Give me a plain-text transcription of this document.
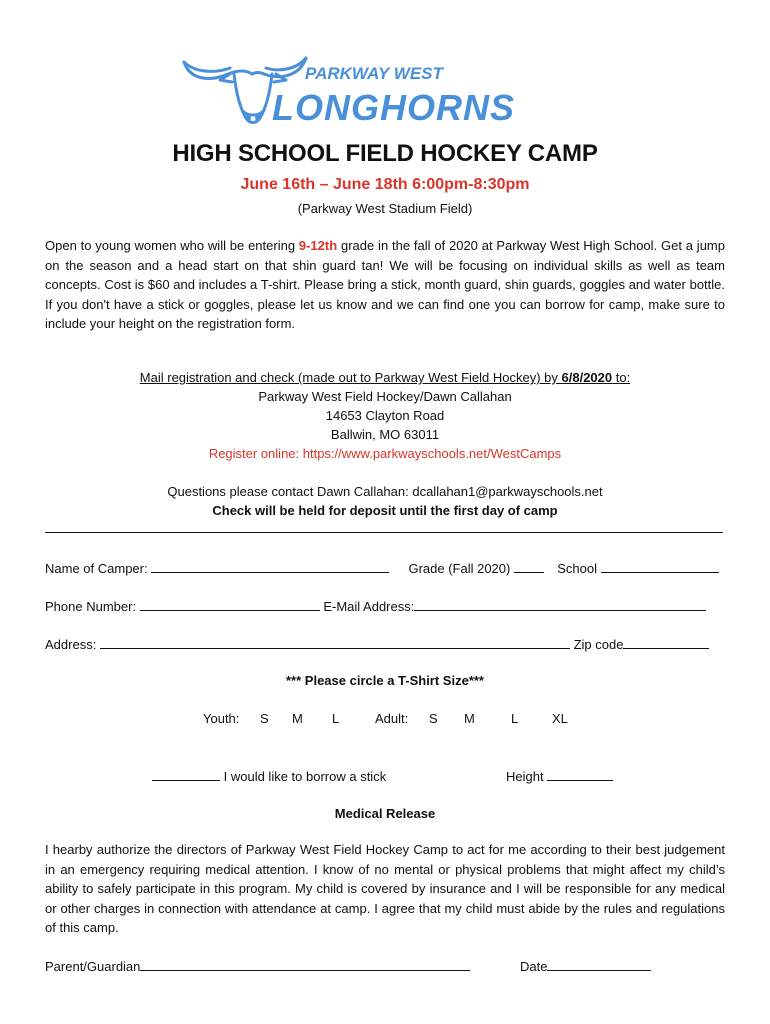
PARKWAY WEST
LONGHORNS
HIGH SCHOOL FIELD HOCKEY CAMP
June 16th – June 18th 6:00pm-8:30pm
(Parkway West Stadium Field)
Open to young women who will be entering 9-12th grade in the fall of 2020 at Parkway West High School. Get a jump on the season and a head start on that shin guard tan! We will be focusing on individual skills as well as team concepts. Cost is $60 and includes a T-shirt. Please bring a stick, month guard, shin guards, goggles and water bottle. If you don't have a stick or goggles, please let us know and we can find one you can borrow for camp, make sure to include your height on the registration form.
Mail registration and check (made out to Parkway West Field Hockey) by 6/8/2020 to:
Parkway West Field Hockey/Dawn Callahan
14653 Clayton Road
Ballwin, MO 63011
Register online: https://www.parkwayschools.net/WestCamps
Questions please contact Dawn Callahan: dcallahan1@parkwayschools.net
Check will be held for deposit until the first day of camp
Name of Camper:	Grade (Fall 2020)	School
Phone Number:	E-Mail Address:
Address:	Zip code
*** Please circle a T-Shirt Size***
Youth: S M L	Adult: S M	L	XL
I would like to borrow a stick	Height
Medical Release
I hearby authorize the directors of Parkway West Field Hockey Camp to act for me according to their best judgement in an emergency requiring medical attention. I know of no mental or physical problems that might affect my child’s ability to safely participate in this program. My child is covered by insurance and I will be responsible for any medical or other charges in connection with attendance at camp. I agree that my child must abide by the rules and regulations of this camp.
Parent/Guardian	Date
